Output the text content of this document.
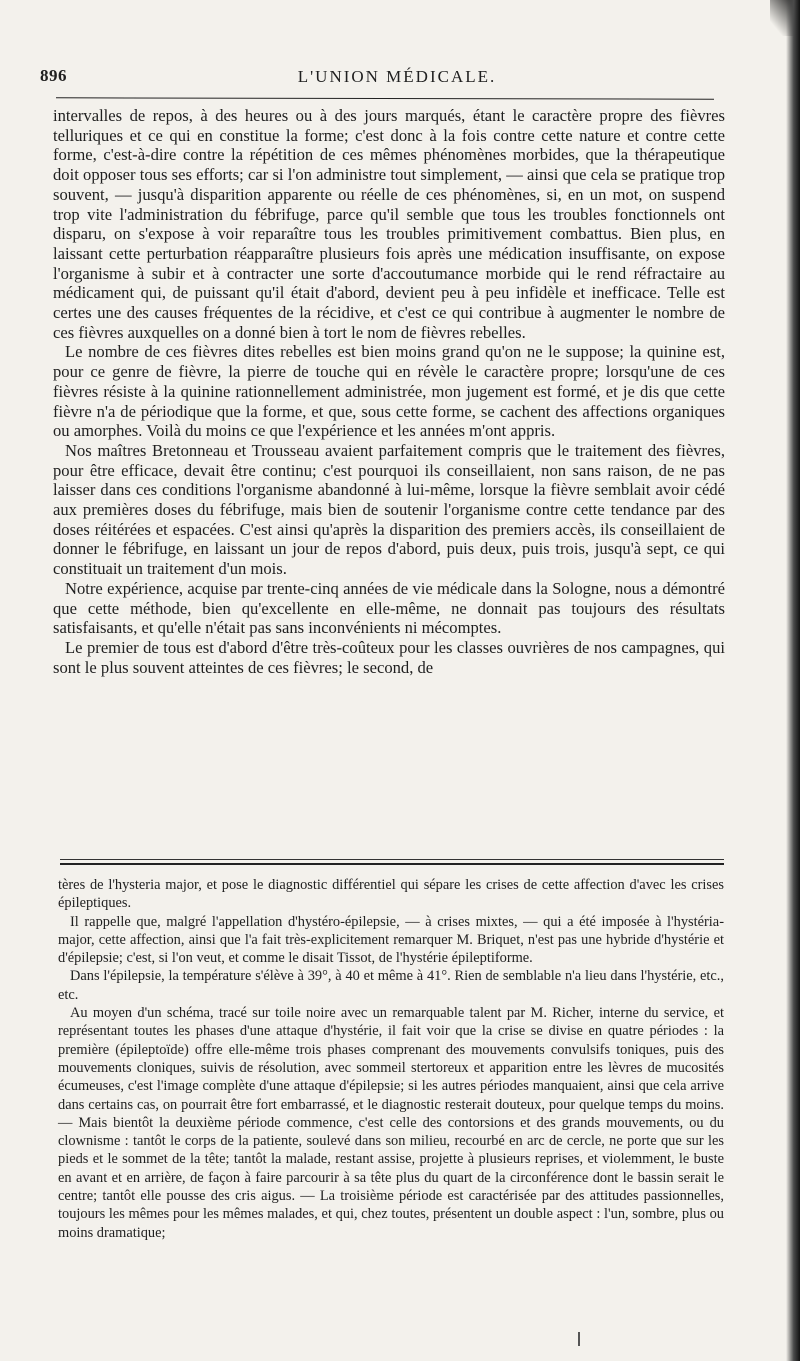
896	L'UNION MÉDICALE.

intervalles de repos, à des heures ou à des jours marqués, étant le caractère propre des fièvres telluriques et ce qui en constitue la forme; c'est donc à la fois contre cette nature et contre cette forme, c'est-à-dire contre la répétition de ces mêmes phénomènes morbides, que la thérapeutique doit opposer tous ses efforts; car si l'on administre tout simplement, — ainsi que cela se pratique trop souvent, — jusqu'à disparition apparente ou réelle de ces phénomènes, si, en un mot, on suspend trop vite l'administration du fébrifuge, parce qu'il semble que tous les troubles fonctionnels ont disparu, on s'expose à voir reparaître tous les troubles primitivement combattus. Bien plus, en laissant cette perturbation réapparaître plusieurs fois après une médication insuffisante, on expose l'organisme à subir et à contracter une sorte d'accoutumance morbide qui le rend réfractaire au médicament qui, de puissant qu'il était d'abord, devient peu à peu infidèle et inefficace. Telle est certes une des causes fréquentes de la récidive, et c'est ce qui contribue à augmenter le nombre de ces fièvres auxquelles on a donné bien à tort le nom de fièvres rebelles.

Le nombre de ces fièvres dites rebelles est bien moins grand qu'on ne le suppose; la quinine est, pour ce genre de fièvre, la pierre de touche qui en révèle le caractère propre; lorsqu'une de ces fièvres résiste à la quinine rationnellement administrée, mon jugement est formé, et je dis que cette fièvre n'a de périodique que la forme, et que, sous cette forme, se cachent des affections organiques ou amorphes. Voilà du moins ce que l'expérience et les années m'ont appris.

Nos maîtres Bretonneau et Trousseau avaient parfaitement compris que le traitement des fièvres, pour être efficace, devait être continu; c'est pourquoi ils conseillaient, non sans raison, de ne pas laisser dans ces conditions l'organisme abandonné à lui-même, lorsque la fièvre semblait avoir cédé aux premières doses du fébrifuge, mais bien de soutenir l'organisme contre cette tendance par des doses réitérées et espacées. C'est ainsi qu'après la disparition des premiers accès, ils conseillaient de donner le fébrifuge, en laissant un jour de repos d'abord, puis deux, puis trois, jusqu'à sept, ce qui constituait un traitement d'un mois.

Notre expérience, acquise par trente-cinq années de vie médicale dans la Sologne, nous a démontré que cette méthode, bien qu'excellente en elle-même, ne donnait pas toujours des résultats satisfaisants, et qu'elle n'était pas sans inconvénients ni mécomptes.

Le premier de tous est d'abord d'être très-coûteux pour les classes ouvrières de nos campagnes, qui sont le plus souvent atteintes de ces fièvres; le second, de

tères de l'hysteria major, et pose le diagnostic différentiel qui sépare les crises de cette affection d'avec les crises épileptiques.

Il rappelle que, malgré l'appellation d'hystéro-épilepsie, — à crises mixtes, — qui a été imposée à l'hystéria-major, cette affection, ainsi que l'a fait très-explicitement remarquer M. Briquet, n'est pas une hybride d'hystérie et d'épilepsie; c'est, si l'on veut, et comme le disait Tissot, de l'hystérie épileptiforme.

Dans l'épilepsie, la température s'élève à 39°, à 40 et même à 41°. Rien de semblable n'a lieu dans l'hystérie, etc., etc.

Au moyen d'un schéma, tracé sur toile noire avec un remarquable talent par M. Richer, interne du service, et représentant toutes les phases d'une attaque d'hystérie, il fait voir que la crise se divise en quatre périodes : la première (épileptoïde) offre elle-même trois phases comprenant des mouvements convulsifs toniques, puis des mouvements cloniques, suivis de résolution, avec sommeil stertoreux et apparition entre les lèvres de mucosités écumeuses, c'est l'image complète d'une attaque d'épilepsie; si les autres périodes manquaient, ainsi que cela arrive dans certains cas, on pourrait être fort embarrassé, et le diagnostic resterait douteux, pour quelque temps du moins. — Mais bientôt la deuxième période commence, c'est celle des contorsions et des grands mouvements, ou du clownisme : tantôt le corps de la patiente, soulevé dans son milieu, recourbé en arc de cercle, ne porte que sur les pieds et le sommet de la tête; tantôt la malade, restant assise, projette à plusieurs reprises, et violemment, le buste en avant et en arrière, de façon à faire parcourir à sa tête plus du quart de la circonférence dont le bassin serait le centre; tantôt elle pousse des cris aigus. — La troisième période est caractérisée par des attitudes passionnelles, toujours les mêmes pour les mêmes malades, et qui, chez toutes, présentent un double aspect : l'un, sombre, plus ou moins dramatique;
